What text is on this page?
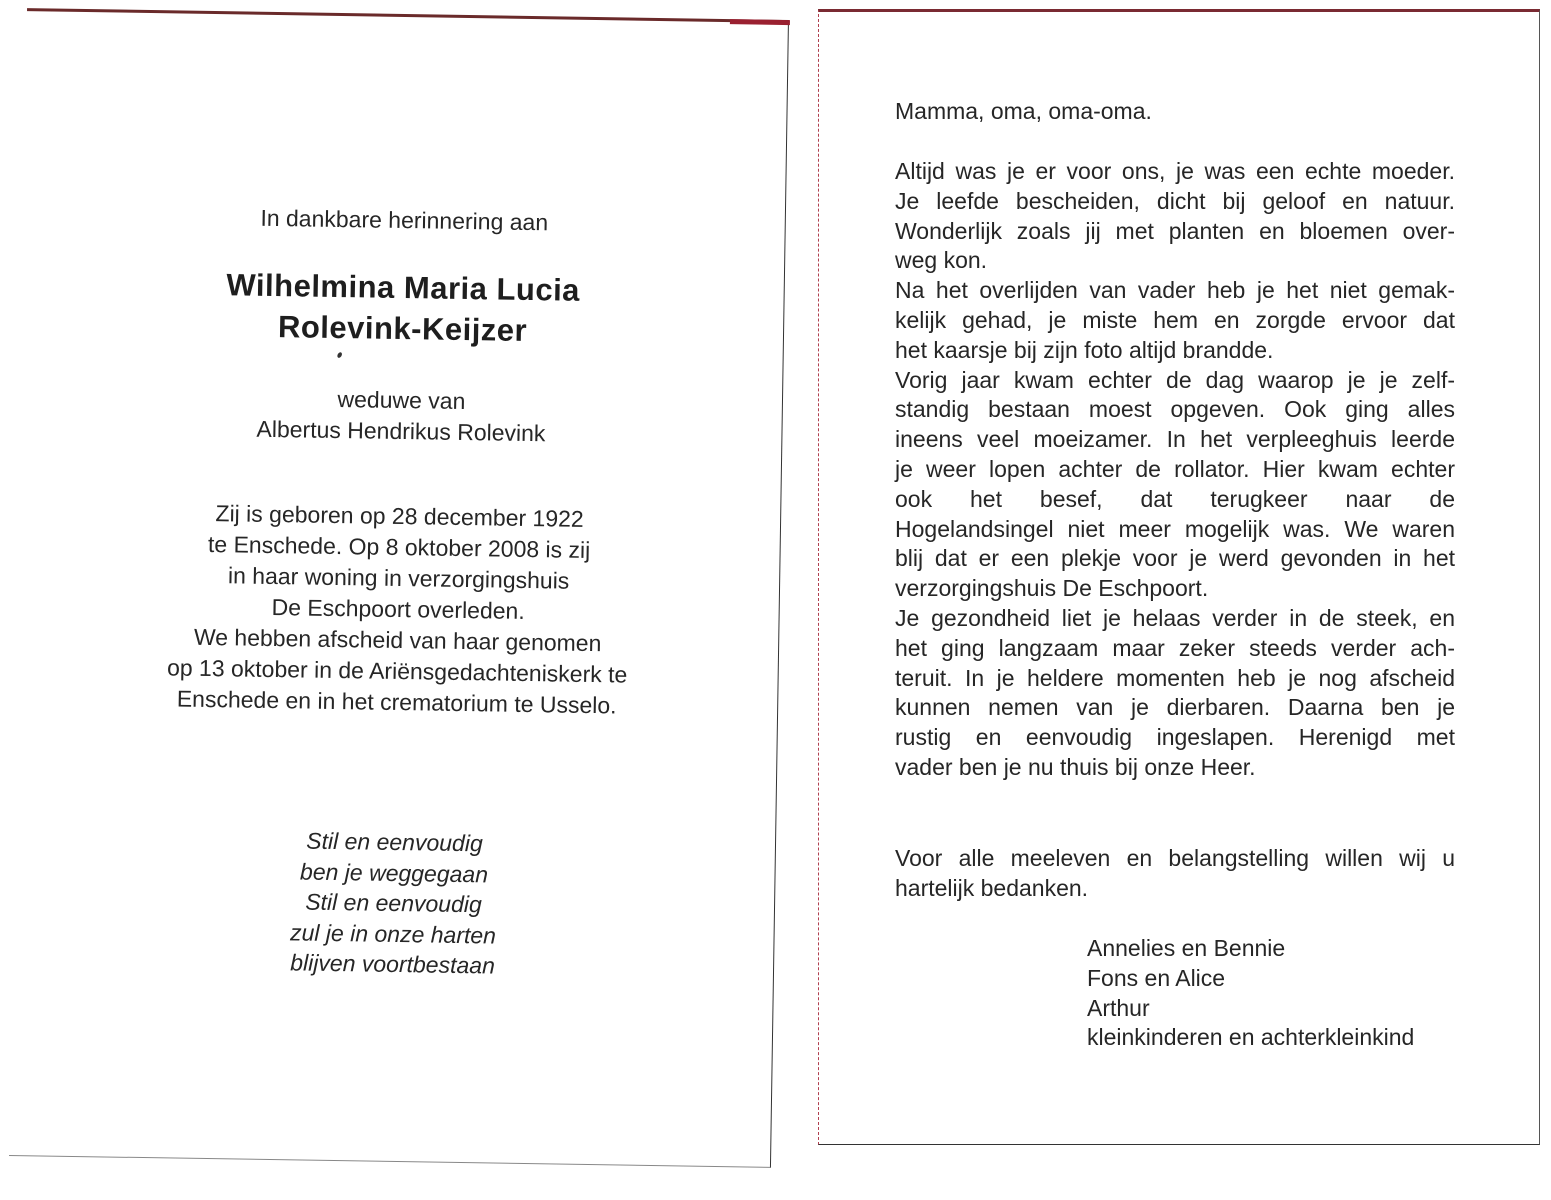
In dankbare herinnering aan
Wilhelmina Maria Lucia
Rolevink-Keijzer
weduwe van
Albertus Hendrikus Rolevink
Zij is geboren op 28 december 1922
te Enschede. Op 8 oktober 2008 is zij
in haar woning in verzorgingshuis
De Eschpoort overleden.
We hebben afscheid van haar genomen
op 13 oktober in de Ariënsgedachteniskerk te
Enschede en in het crematorium te Usselo.
Stil en eenvoudig
ben je weggegaan
Stil en eenvoudig
zul je in onze harten
blijven voortbestaan
Mamma, oma, oma-oma.
Altijd was je er voor ons, je was een echte moeder.
Je leefde bescheiden, dicht bij geloof en natuur.
Wonderlijk zoals jij met planten en bloemen over-
weg kon.
Na het overlijden van vader heb je het niet gemak-
kelijk gehad, je miste hem en zorgde ervoor dat
het kaarsje bij zijn foto altijd brandde.
Vorig jaar kwam echter de dag waarop je je zelf-
standig bestaan moest opgeven. Ook ging alles
ineens veel moeizamer. In het verpleeghuis leerde
je weer lopen achter de rollator. Hier kwam echter
ook het besef, dat terugkeer naar de
Hogelandsingel niet meer mogelijk was. We waren
blij dat er een plekje voor je werd gevonden in het
verzorgingshuis De Eschpoort.
Je gezondheid liet je helaas verder in de steek, en
het ging langzaam maar zeker steeds verder ach-
teruit. In je heldere momenten heb je nog afscheid
kunnen nemen van je dierbaren. Daarna ben je
rustig en eenvoudig ingeslapen. Herenigd met
vader ben je nu thuis bij onze Heer.
Voor alle meeleven en belangstelling willen wij u
hartelijk bedanken.
Annelies en Bennie
Fons en Alice
Arthur
kleinkinderen en achterkleinkind
